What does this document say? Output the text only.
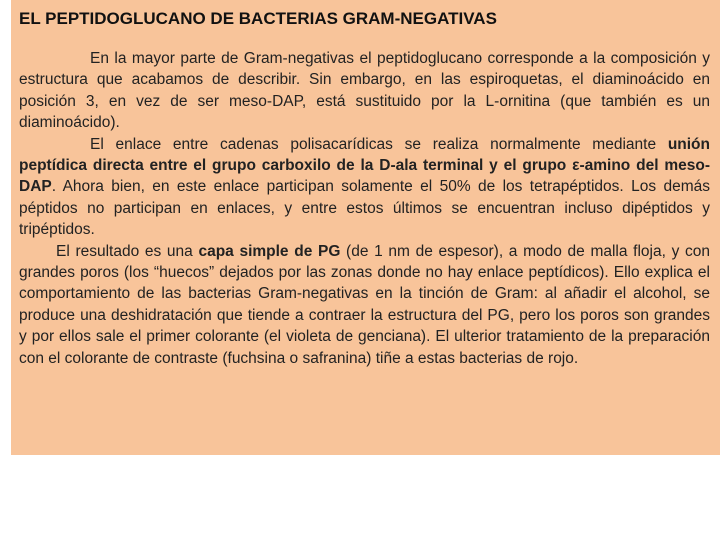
EL PEPTIDOGLUCANO DE BACTERIAS GRAM-NEGATIVAS

En la mayor parte de Gram-negativas el peptidoglucano corresponde a la composición y estructura que acabamos de describir. Sin embargo, en las espiroquetas, el diaminoácido en posición 3, en vez de ser meso-DAP, está sustituido por la L-ornitina (que también es un diaminoácido).

El enlace entre cadenas polisacarídicas se realiza normalmente mediante unión peptídica directa entre el grupo carboxilo de la D-ala terminal y el grupo ε-amino del meso-DAP. Ahora bien, en este enlace participan solamente el 50% de los tetrapéptidos. Los demás péptidos no participan en enlaces, y entre estos últimos se encuentran incluso dipéptidos y tripéptidos.

El resultado es una capa simple de PG (de 1 nm de espesor), a modo de malla floja, y con grandes poros (los “huecos” dejados por las zonas donde no hay enlace peptídicos). Ello explica el comportamiento de las bacterias Gram-negativas en la tinción de Gram: al añadir el alcohol, se produce una deshidratación que tiende a contraer la estructura del PG, pero los poros son grandes y por ellos sale el primer colorante (el violeta de genciana). El ulterior tratamiento de la preparación con el colorante de contraste (fuchsina o safranina) tiñe a estas bacterias de rojo.
